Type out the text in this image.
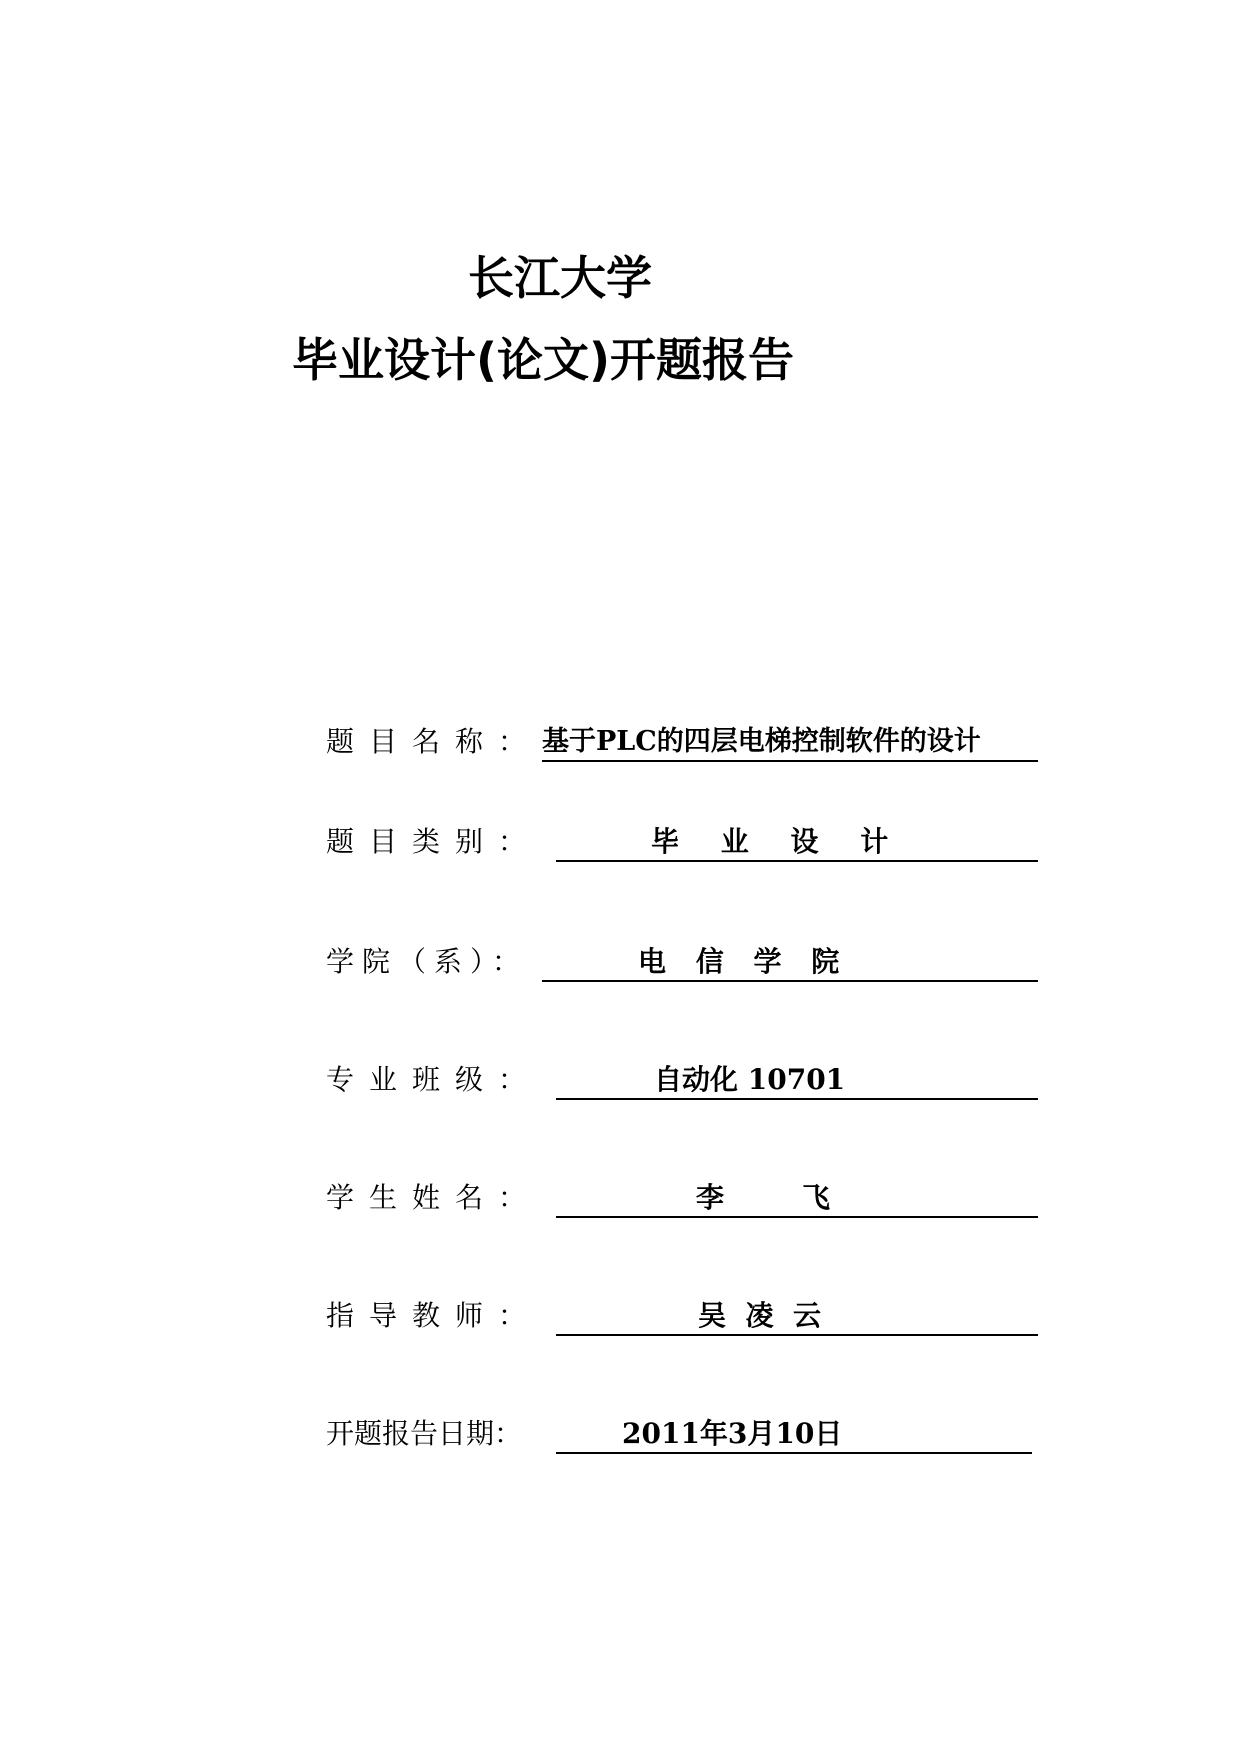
长江大学
毕业设计(论文)开题报告
题目名称： 基于PLC的四层电梯控制软件的设计
题目类别：	毕 业 设 计
学院（系）：	电 信 学 院
专业班级：	自动化 10701
学生姓名：	李        飞
指导教师：	吴  凌  云
开题报告日期：	2011年3月10日
